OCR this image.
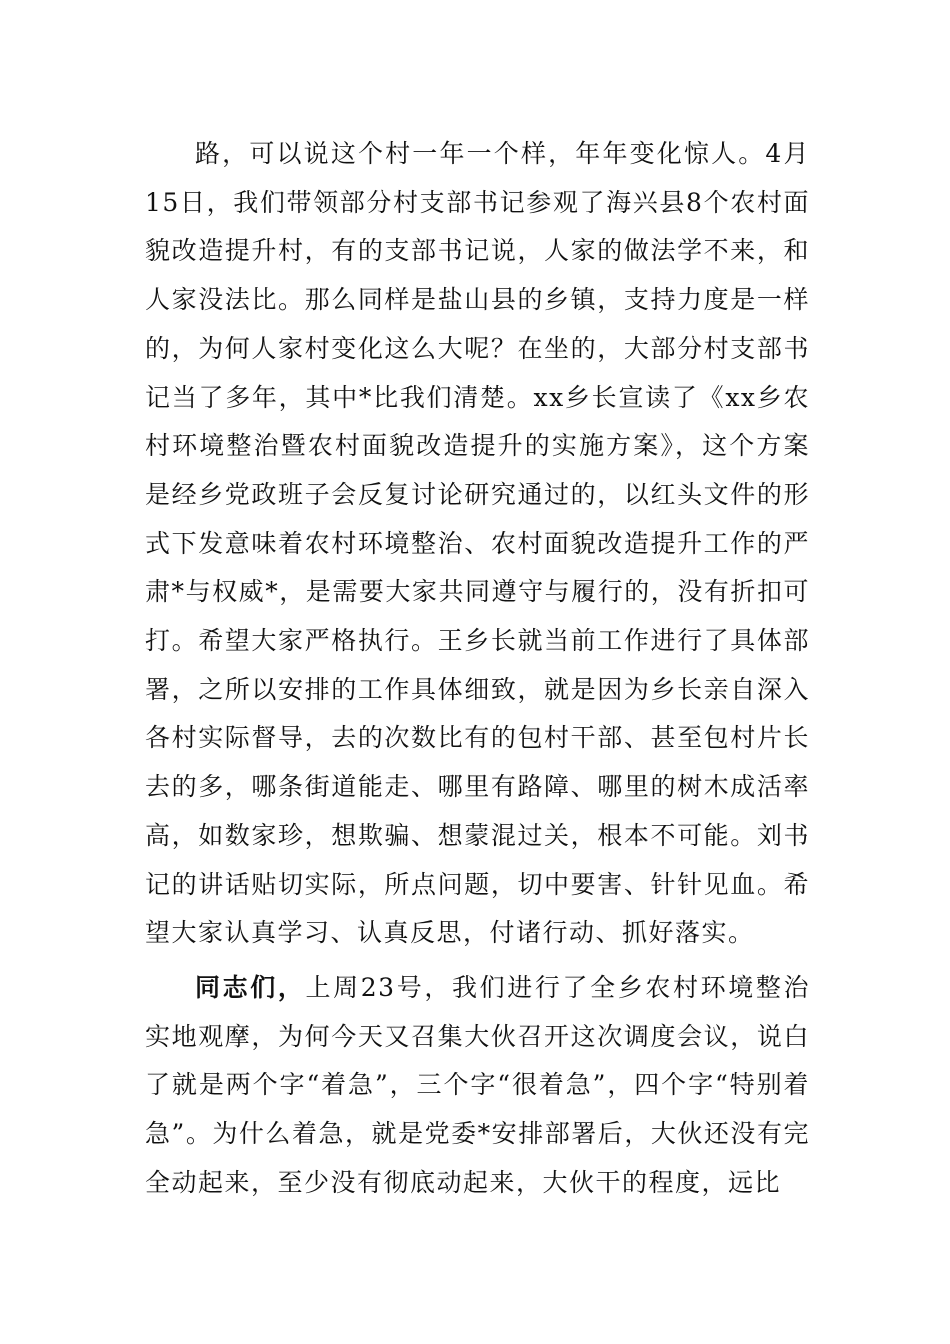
路，可以说这个村一年一个样，年年变化惊人。4月15日，我们带领部分村支部书记参观了海兴县8个农村面貌改造提升村，有的支部书记说，人家的做法学不来，和人家没法比。那么同样是盐山县的乡镇，支持力度是一样的，为何人家村变化这么大呢？在坐的，大部分村支部书记当了多年，其中*比我们清楚。xx乡长宣读了《xx乡农村环境整治暨农村面貌改造提升的实施方案》，这个方案是经乡党政班子会反复讨论研究通过的，以红头文件的形式下发意味着农村环境整治、农村面貌改造提升工作的严肃*与权威*，是需要大家共同遵守与履行的，没有折扣可打。希望大家严格执行。王乡长就当前工作进行了具体部署，之所以安排的工作具体细致，就是因为乡长亲自深入各村实际督导，去的次数比有的包村干部、甚至包村片长去的多，哪条街道能走、哪里有路障、哪里的树木成活率高，如数家珍，想欺骗、想蒙混过关，根本不可能。刘书记的讲话贴切实际，所点问题，切中要害、针针见血。希望大家认真学习、认真反思，付诸行动、抓好落实。

同志们，上周23号，我们进行了全乡农村环境整治实地观摩，为何今天又召集大伙召开这次调度会议，说白了就是两个字“着急”，三个字“很着急”，四个字“特别着急”。为什么着急，就是党委*安排部署后，大伙还没有完全动起来，至少没有彻底动起来，大伙干的程度，远比
